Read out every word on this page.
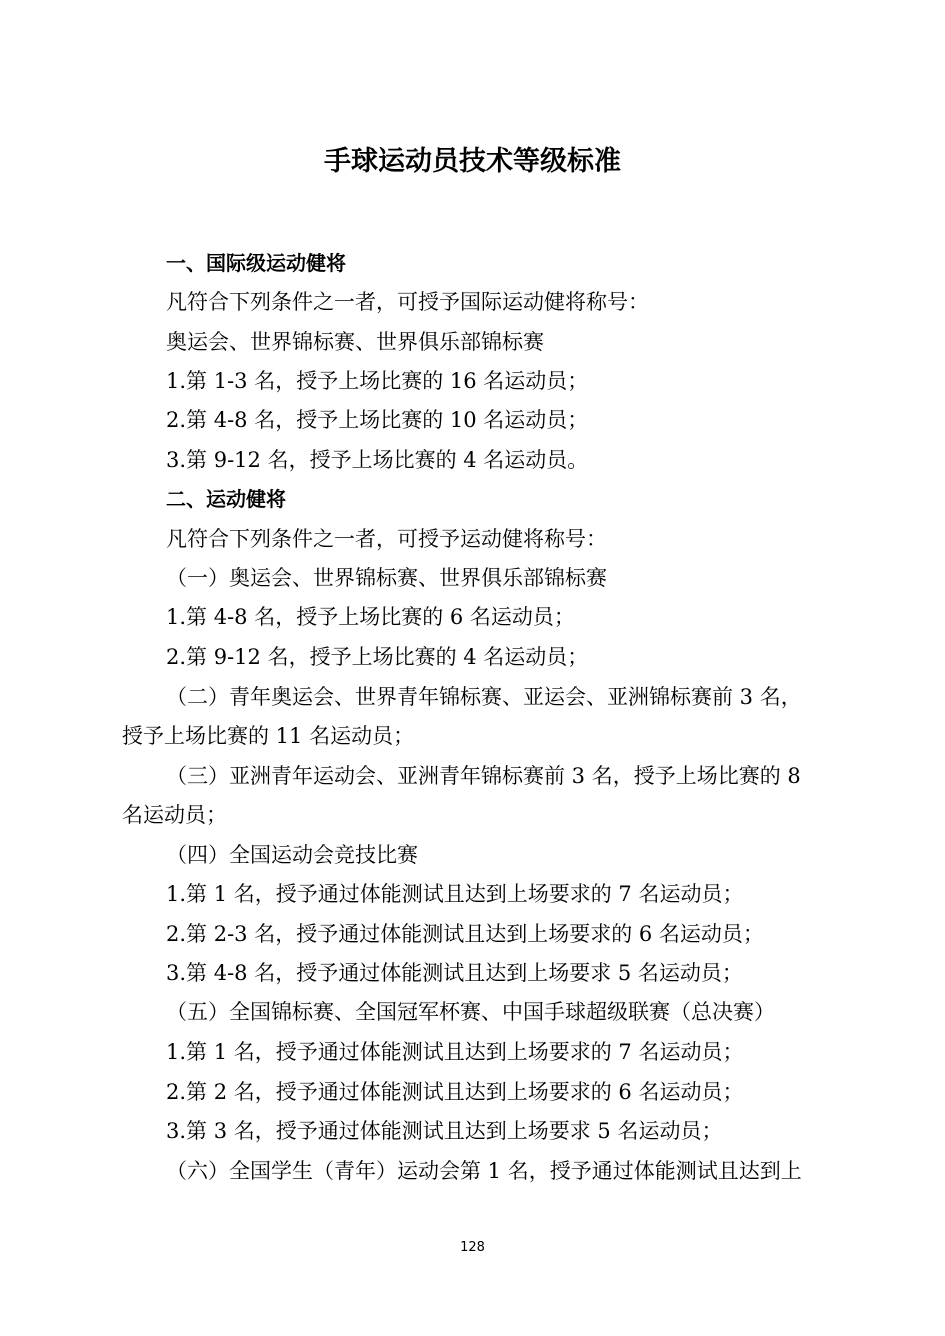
手球运动员技术等级标准
一、国际级运动健将
凡符合下列条件之一者，可授予国际运动健将称号：
奥运会、世界锦标赛、世界俱乐部锦标赛
1.第 1-3 名，授予上场比赛的 16 名运动员；
2.第 4-8 名，授予上场比赛的 10 名运动员；
3.第 9-12 名，授予上场比赛的 4 名运动员。
二、运动健将
凡符合下列条件之一者，可授予运动健将称号：
（一）奥运会、世界锦标赛、世界俱乐部锦标赛
1.第 4-8 名，授予上场比赛的 6 名运动员；
2.第 9-12 名，授予上场比赛的 4 名运动员；
（二）青年奥运会、世界青年锦标赛、亚运会、亚洲锦标赛前 3 名，
授予上场比赛的 11 名运动员；
（三）亚洲青年运动会、亚洲青年锦标赛前 3 名，授予上场比赛的 8
名运动员；
（四）全国运动会竞技比赛
1.第 1 名，授予通过体能测试且达到上场要求的 7 名运动员；
2.第 2-3 名，授予通过体能测试且达到上场要求的 6 名运动员；
3.第 4-8 名，授予通过体能测试且达到上场要求 5 名运动员；
（五）全国锦标赛、全国冠军杯赛、中国手球超级联赛（总决赛）
1.第 1 名，授予通过体能测试且达到上场要求的 7 名运动员；
2.第 2 名，授予通过体能测试且达到上场要求的 6 名运动员；
3.第 3 名，授予通过体能测试且达到上场要求 5 名运动员；
（六）全国学生（青年）运动会第 1 名，授予通过体能测试且达到上
128
